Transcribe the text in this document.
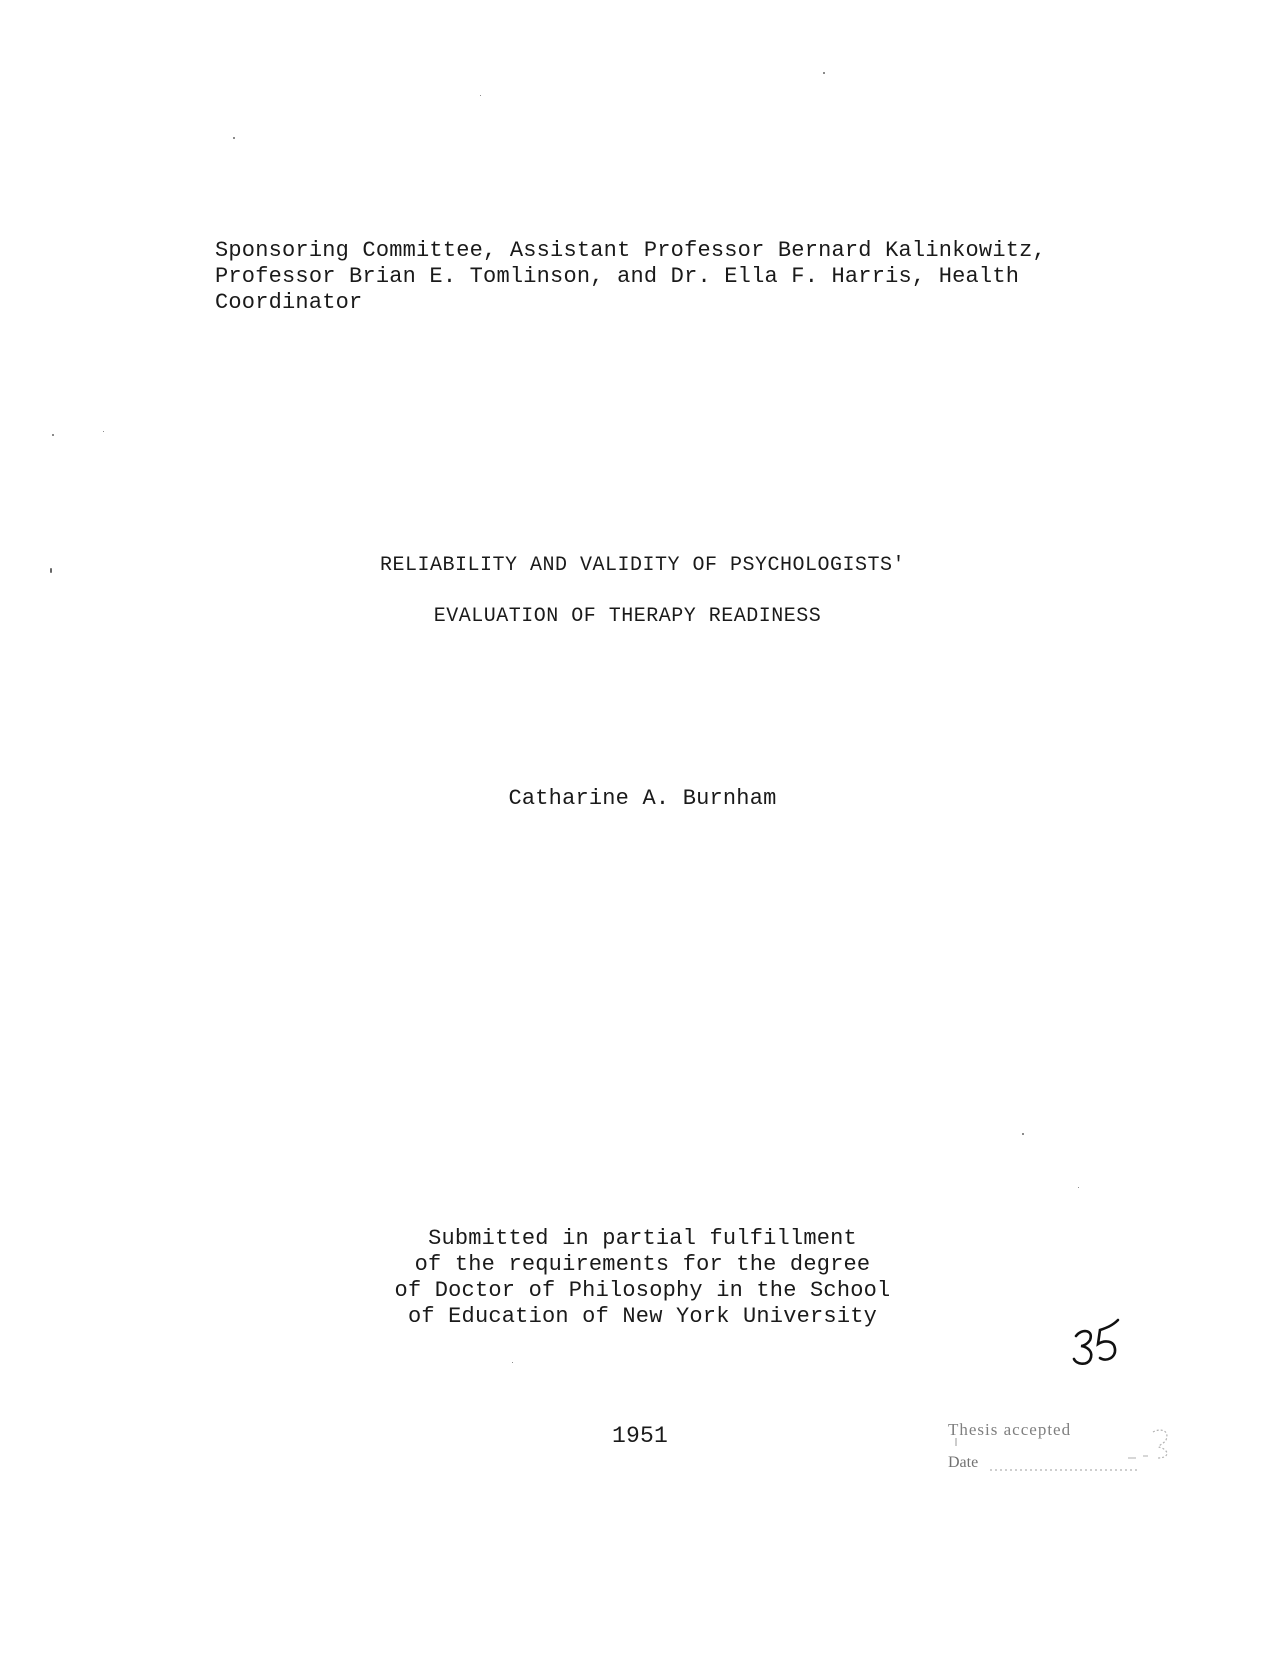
Sponsoring Committee, Assistant Professor Bernard Kalinkowitz,
Professor Brian E. Tomlinson, and Dr. Ella F. Harris, Health
Coordinator
RELIABILITY AND VALIDITY OF PSYCHOLOGISTS'
EVALUATION OF THERAPY READINESS
Catharine A. Burnham
Submitted in partial fulfillment
of the requirements for the degree
of Doctor of Philosophy in the School
of Education of New York University
1951	Thesis accepted
Date
